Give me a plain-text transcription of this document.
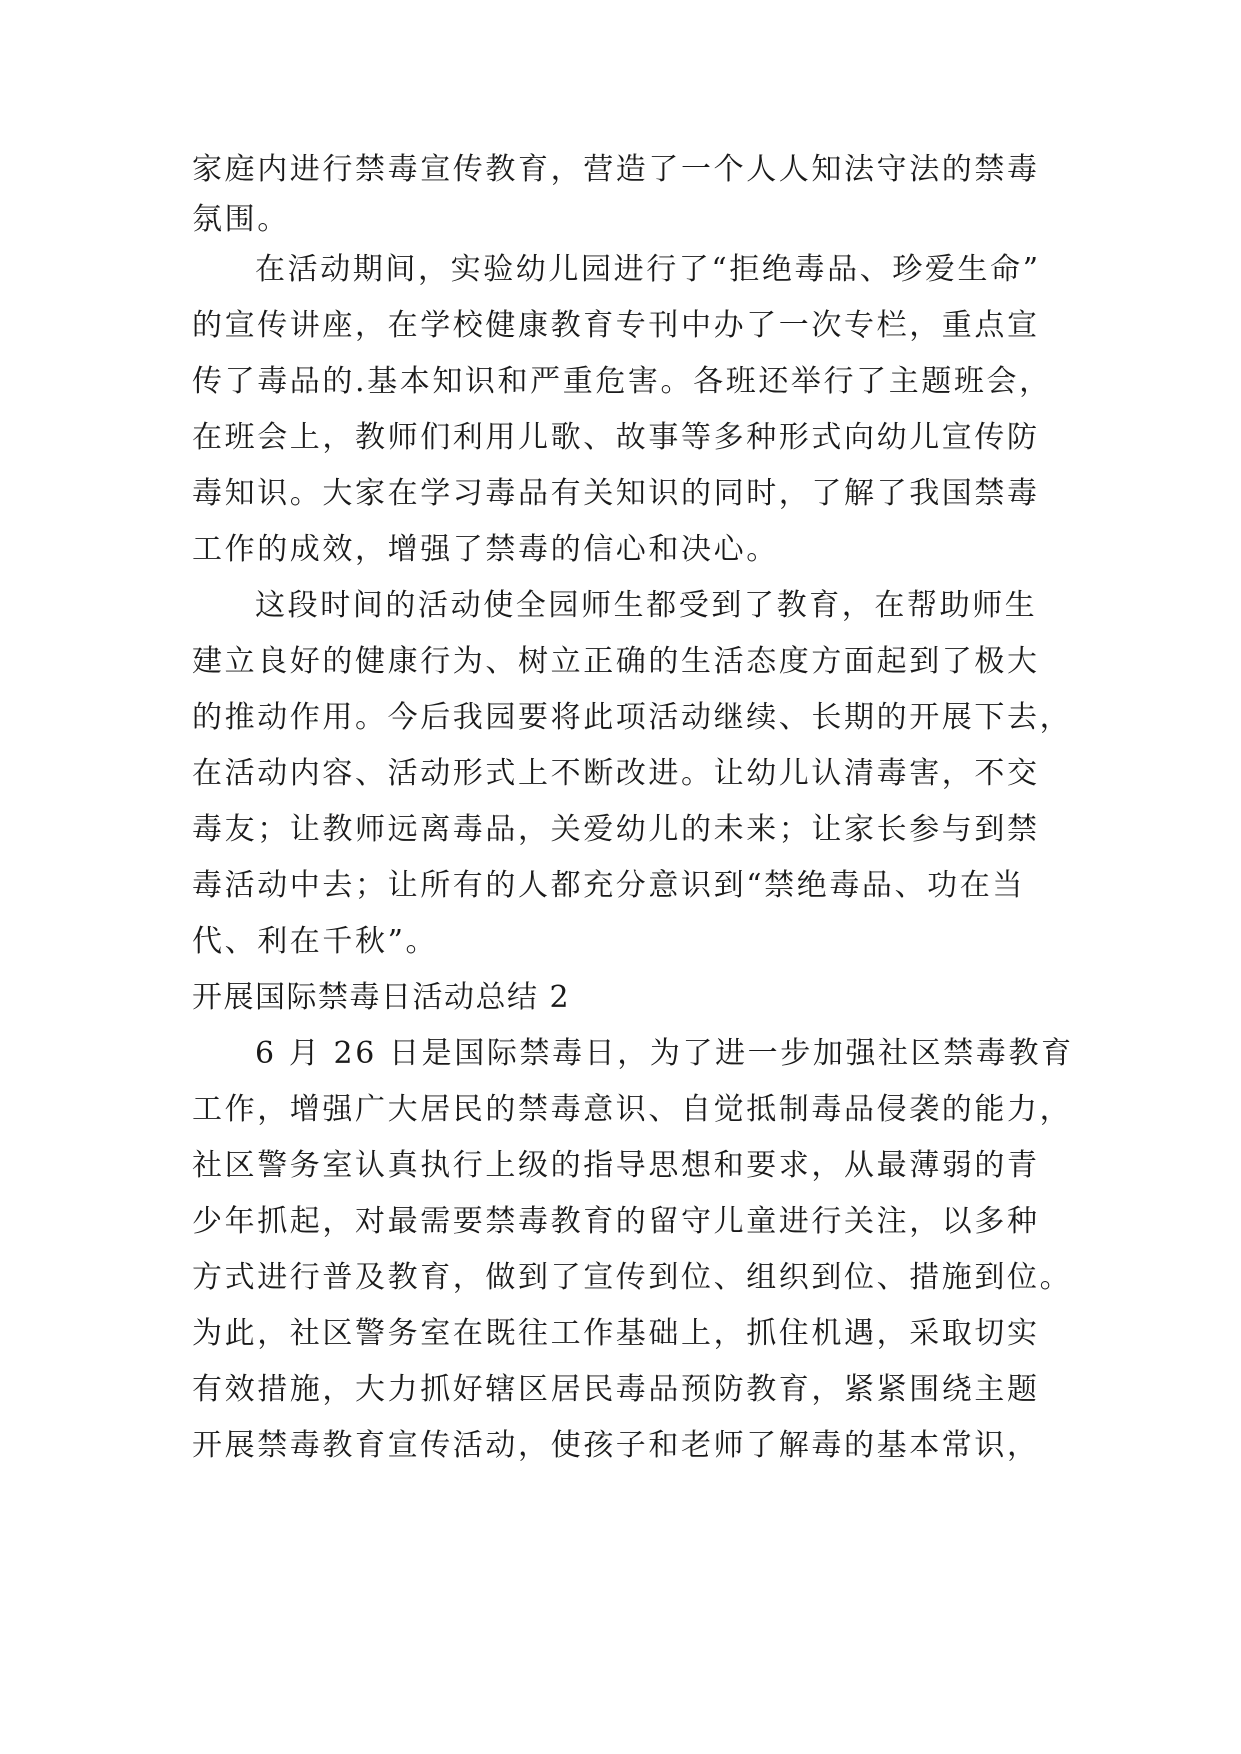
家庭内进行禁毒宣传教育，营造了一个人人知法守法的禁毒
氛围。
在活动期间，实验幼儿园进行了“拒绝毒品、珍爱生命”
的宣传讲座，在学校健康教育专刊中办了一次专栏，重点宣
传了毒品的.基本知识和严重危害。各班还举行了主题班会，
在班会上，教师们利用儿歌、故事等多种形式向幼儿宣传防
毒知识。大家在学习毒品有关知识的同时，了解了我国禁毒
工作的成效，增强了禁毒的信心和决心。
这段时间的活动使全园师生都受到了教育，在帮助师生
建立良好的健康行为、树立正确的生活态度方面起到了极大
的推动作用。今后我园要将此项活动继续、长期的开展下去，
在活动内容、活动形式上不断改进。让幼儿认清毒害，不交
毒友；让教师远离毒品，关爱幼儿的未来；让家长参与到禁
毒活动中去；让所有的人都充分意识到“禁绝毒品、功在当
代、利在千秋”。
开展国际禁毒日活动总结 2
6 月 26 日是国际禁毒日，为了进一步加强社区禁毒教育
工作，增强广大居民的禁毒意识、自觉抵制毒品侵袭的能力，
社区警务室认真执行上级的指导思想和要求，从最薄弱的青
少年抓起，对最需要禁毒教育的留守儿童进行关注，以多种
方式进行普及教育，做到了宣传到位、组织到位、措施到位。
为此，社区警务室在既往工作基础上，抓住机遇，采取切实
有效措施，大力抓好辖区居民毒品预防教育，紧紧围绕主题
开展禁毒教育宣传活动，使孩子和老师了解毒的基本常识，
